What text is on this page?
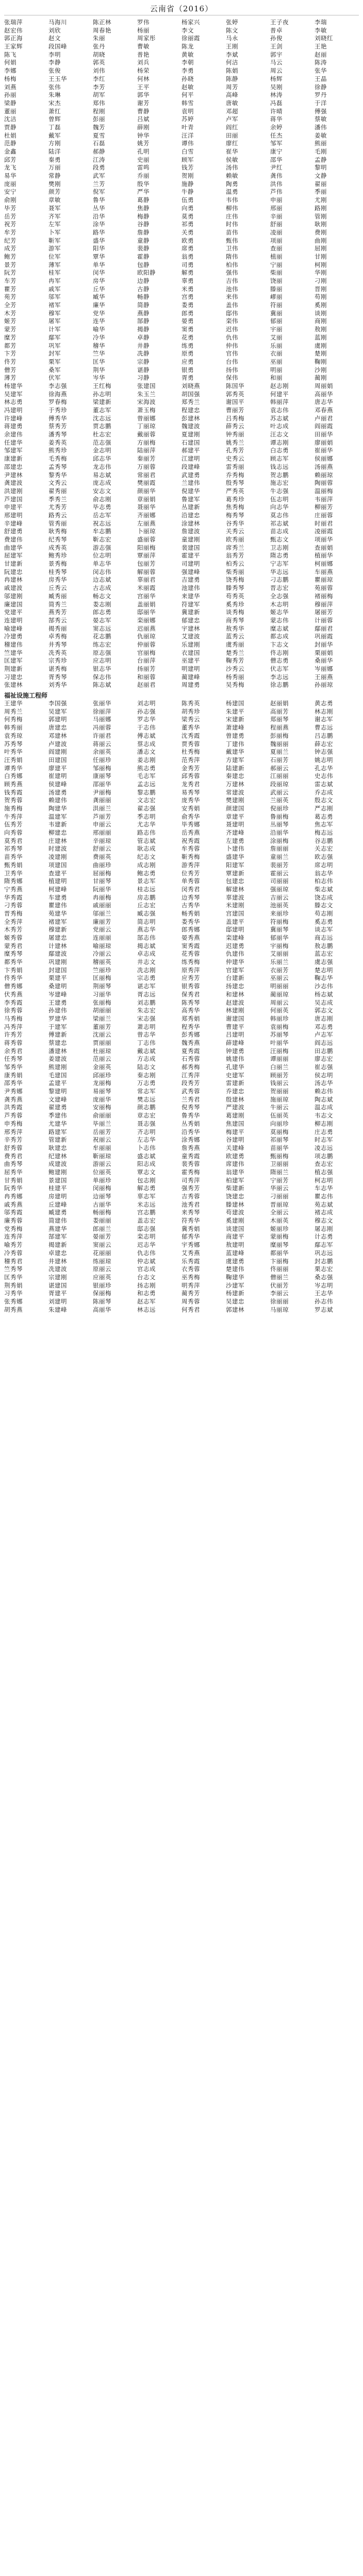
云南省（2016）
张瑞萍	马海川	陈正林	罗伟	杨家兴	张婷	王子夜	李瑞
赵宏伟	刘欣	周春艳	杨丽	李文	陈文	普卓	李敏
郭正海	赵文	朱丽	周家彤	徐丽霞	马永	孙俊	刘晓红
王家辉	段国峰	张丹	曹敏	陈龙	王刚	王剑	王艳
陈飞	李明	胡晓	普艳	黄敏	李斌	郭宇	赵丽
何娟	李静	郭英	刘兵	李朝	何洁	马云	陈涛
李娜	张俊	刘伟	杨荣	李勇	陈娟	周云	张华
杨梅	王玉华	李红	何林	孙晓	陈静	杨辉	王晶
刘燕	张伟	李芳	王平	赵敏	周芳	吴刚	徐静
孙丽	朱琳	胡军	郭华	何平	高峰	林涛	罗丹
梁静	宋杰	郑伟	谢芳	韩雪	唐敏	冯磊	于洋
董丽	萧红	程刚	曹静	袁明	邓超	许晴	傅强
沈洁	曾辉	彭丽	吕斌	苏婷	卢军	蒋华	蔡敏
贾静	丁磊	魏芳	薛刚	叶青	阎红	余婷	潘伟
杜娟	戴军	夏雪	钟华	汪洋	田丽	任杰	姜敏
范静	方刚	石磊	姚芳	谭伟	廖红	邹军	熊丽
金鑫	陆洋	郝静	孔明	白雪	崔华	康宁	毛刚
邱芳	秦勇	江涛	史丽	顾军	侯敏	邵华	孟静
龙飞	万丽	段勇	雷鸣	钱芳	汤伟	尹红	黎明
易华	常静	武军	乔丽	贺刚	赖敏	龚伟	文静
庞丽	樊刚	兰芳	殷华	施静	陶勇	洪伟	翟丽
安宁	颜芳	倪军	严华	牛静	温勇	芦伟	季丽
俞刚	章敏	鲁华	葛静	伍勇	韦伟	申丽	尤刚
毕芳	聂军	丛华	焦静	向勇	柳伟	邢丽	路刚
岳芳	齐军	沿华	梅静	莫勇	庄伟	辛丽	管刚
祝芳	左军	涂华	谷静	祁勇	时伟	舒丽	耿刚
牟芳	卜军	路华	詹静	关勇	苗伟	凌丽	费刚
纪芳	靳军	盛华	童静	欧勇	甄伟	项丽	曲刚
成芳	游军	阳华	裴静	席勇	卫伟	查丽	屈刚
鲍芳	位军	覃华	霍静	翁勇	隋伟	植丽	甘刚
景芳	薄军	单华	包静	司勇	柏伟	宁丽	柯刚
阮芳	桂军	闵华	欧阳静	解勇	强伟	柴丽	华刚
车芳	冉军	房华	边静	辜勇	吉伟	饶丽	刁刚
瞿芳	戚军	丘华	古静	米勇	池伟	滕丽	晋刚
苑芳	邬军	臧华	畅静	宫勇	来伟	嵺丽	苟刚
全芳	褚军	廉华	简静	娄勇	盖伟	符丽	奚刚
木芳	穆军	党华	燕静	郎勇	邸伟	冀丽	谈刚
姬芳	屠军	连华	郜静	晏勇	栾伟	郁丽	商刚
蒙芳	计军	喻华	揭静	窦勇	迟伟	宇丽	敖刚
糜芳	鄢军	冷华	卓静	花勇	仇伟	艾丽	蓝刚
都芳	巩军	稽华	井静	练勇	仲伟	乐丽	虞刚
卞芳	封军	竺华	冼静	原勇	官伟	衣丽	楚刚
佟芳	栗军	匡华	宗静	应勇	台伟	巫丽	鞠刚
僧芳	桑军	荆华	谌静	银勇	扬伟	明丽	沙刚
薄芳	伏军	岑华	习静	胥勇	保伟	和丽	蔺刚
杨建华	李志强	王红梅	张建国	刘晓燕	陈国华	赵志刚	周丽娟
吴建军	徐海燕	孙志明	朱玉兰	胡国强	郭秀英	何建平	高丽华
林志勇	罗春梅	梁建新	宋海波	郑秀兰	谢国平	韩丽萍	唐志华
冯建明	于秀珍	董志军	萧玉梅	程建忠	曹丽芳	袁志伟	邓春燕
许建峰	傅秀华	沈志远	曾丽娜	彭建林	吕秀梅	苏志斌	卢丽君
蒋建勇	蔡秀芳	贾志鹏	丁丽琼	魏建波	薛秀云	叶志成	阎丽霞
余建伟	潘秀琴	杜志宏	戴丽蓉	夏建刚	钟秀丽	汪志文	田丽华
任建华	姜秀英	范志强	方丽梅	石建国	姚秀兰	谭志刚	廖丽娟
邹建军	熊秀珍	金志明	陆丽萍	郝建平	孔秀芳	白志勇	崔丽华
康建新	毛秀梅	邱志华	秦丽芳	江建明	史秀云	顾志军	侯丽娜
邵建忠	孟秀琴	龙志伟	万丽蓉	段建峰	雷秀丽	钱志远	汤丽燕
尹建林	黎秀华	易志斌	常丽君	武建勇	乔秀梅	贺志鹏	赖丽琼
龚建波	文秀云	庞志成	樊丽霞	兰建伟	殷秀琴	施志宏	陶丽蓉
洪建刚	翟秀丽	安志文	颜丽华	倪建华	严秀英	牛志强	温丽梅
芦建国	季秀兰	俞志刚	章丽娟	鲁建军	葛秀珍	伍志明	韦丽萍
申建平	尤秀芳	毕志勇	聂丽华	丛建新	焦秀梅	向志华	柳丽芳
邢建明	路秀云	岳志军	齐丽娜	沿建忠	梅秀琴	莫志伟	庄丽蓉
辛建峰	管秀丽	祝志远	左丽燕	涂建林	谷秀华	祁志斌	时丽君
舒建勇	耿秀梅	牟志鹏	卜丽琼	詹建波	关秀云	苗志成	凌丽霞
费建伟	纪秀琴	靳志宏	盛丽蓉	童建刚	欧秀丽	甄志文	项丽华
曲建华	成秀英	游志强	阳丽梅	裴建国	席秀兰	卫志刚	查丽娟
屈建军	鲍秀珍	位志明	覃丽萍	霍建平	翁秀芳	隋志勇	植丽华
甘建新	景秀梅	单志华	包丽芳	司建明	柏秀云	宁志军	柯丽娜
阮建忠	桂秀琴	闵志伟	解丽蓉	强建峰	柴秀丽	华志远	车丽燕
冉建林	房秀华	边志斌	辜丽君	吉建勇	饶秀梅	刁志鹏	瞿丽琼
戚建波	丘秀云	古志成	米丽霞	池建伟	滕秀琴	晋志宏	苑丽蓉
邬建刚	臧秀丽	畅志文	宫丽华	来建华	苟秀英	全志强	褚丽梅
廉建国	简秀兰	娄志刚	盖丽娟	符建军	奚秀珍	木志明	穆丽萍
党建平	燕秀芳	郎志勇	邸丽华	冀建新	谈秀梅	姬志华	屠丽芳
连建明	郜秀云	晏志军	栾丽娜	郁建忠	商秀琴	蒙志伟	计丽蓉
喻建峰	揭秀丽	窦志远	迟丽燕	宇建林	敖秀华	糜志斌	鄢丽君
冷建勇	卓秀梅	花志鹏	仇丽琼	艾建波	蓝秀云	都志成	巩丽霞
稽建伟	井秀琴	练志宏	仲丽蓉	乐建刚	虞秀丽	卞志文	封丽华
竺建华	冼秀英	原志强	官丽梅	衣建国	楚秀兰	佟志刚	栗丽娟
匡建军	宗秀珍	应志明	台丽萍	巫建平	鞠秀芳	僧志勇	桑丽华
荆建新	谌秀梅	银志华	扬丽芳	明建明	沙秀云	伏志军	岑丽娜
习建忠	胥秀琴	保志伟	和丽蓉	蔺建峰	杨秀丽	李志远	王丽燕
张建林	刘秀华	陈志斌	赵丽君	周建勇	吴秀梅	徐志鹏	孙丽琼
福祉设施工程师
王建华	李国强	张丽华	刘志明	陈秀英	杨建国	赵丽娟	黄志勇
周秀兰	吴建军	徐丽萍	孙志强	胡秀珍	朱建平	高丽芳	林志刚
何秀梅	郭建明	马丽娜	罗志华	梁秀云	宋建新	郑丽琴	谢志军
韩秀丽	唐建忠	冯丽蓉	于志伟	董秀华	萧建峰	程丽燕	曹志远
袁秀琼	邓建林	许丽君	傅志斌	沈秀霞	曾建勇	彭丽梅	吕志鹏
苏秀琴	卢建波	蒋丽云	蔡志成	贾秀蓉	丁建伟	魏丽丽	薛志宏
叶秀华	阎建刚	余丽英	潘志文	杜秀梅	戴建华	夏丽兰	钟志强
汪秀娟	田建国	任丽珍	姜志刚	范秀萍	方建军	石丽芳	姚志明
谭秀华	廖建平	邹丽梅	熊志勇	金秀芳	陆建新	郝丽云	孔志华
白秀娜	崔建明	康丽琴	毛志军	邱秀蓉	秦建忠	江丽丽	史志伟
顾秀燕	侯建峰	邵丽华	孟志远	龙秀君	万建林	段丽琼	雷志斌
钱秀霞	汤建勇	尹丽梅	黎志鹏	易秀琴	常建波	武丽云	乔志成
贺秀蓉	赖建伟	龚丽丽	文志宏	庞秀华	樊建刚	兰丽英	殷志文
施秀梅	陶建华	洪丽兰	翟志强	安秀娟	颜建国	倪丽珍	严志刚
牛秀萍	温建军	芦丽芳	季志明	俞秀华	章建平	鲁丽梅	葛志勇
伍秀芳	韦建新	申丽云	尤志华	毕秀娜	聂建明	丛丽琴	焦志军
向秀蓉	柳建忠	邢丽丽	路志伟	岳秀燕	齐建峰	沿丽华	梅志远
莫秀君	庄建林	辛丽琼	管志斌	祝秀霞	左建勇	涂丽梅	谷志鹏
祁秀琴	时建波	舒丽云	耿志成	牟秀蓉	卜建伟	詹丽丽	关志宏
苗秀华	凌建刚	费丽英	纪志文	靳秀梅	盛建华	童丽兰	欧志强
甄秀娟	项建国	曲丽珍	成志刚	游秀萍	阳建军	裴丽芳	席志明
卫秀华	查建平	屈丽梅	鲍志勇	位秀芳	覃建新	霍丽云	翁志华
隋秀娜	植建明	甘丽琴	景志军	单秀蓉	包建忠	司丽丽	柏志伟
宁秀燕	柯建峰	阮丽华	桂志远	闵秀君	解建林	强丽琼	柴志斌
华秀霞	车建勇	冉丽梅	房志鹏	边秀琴	辜建波	吉丽云	饶志成
刁秀蓉	瞿建伟	戚丽丽	丘志宏	古秀华	米建刚	池丽英	滕志文
晋秀梅	苑建华	邬丽兰	臧志强	畅秀娟	宫建国	来丽珍	苟志刚
全秀萍	褚建军	廉丽芳	简志明	娄秀华	盖建平	符丽梅	奚志勇
木秀芳	穆建新	党丽云	燕志华	郎秀娜	邸建明	冀丽琴	谈志军
姬秀蓉	屠建忠	连丽丽	郜志伟	晏秀燕	栾建峰	郁丽华	商志远
蒙秀君	计建林	喻丽琼	揭志斌	窦秀霞	迟建勇	宇丽梅	敖志鹏
糜秀琴	鄢建波	冷丽云	卓志成	花秀蓉	仇建伟	艾丽丽	蓝志宏
都秀华	巩建刚	稽丽英	井志文	练秀梅	仲建华	乐丽兰	虞志强
卞秀娟	封建国	竺丽珍	冼志刚	原秀萍	官建军	衣丽芳	楚志明
佟秀华	栗建平	匡丽梅	宗志勇	应秀芳	台建新	巫丽云	鞠志华
僧秀娜	桑建明	荆丽琴	谌志军	银秀蓉	扬建忠	明丽丽	沙志伟
伏秀燕	岑建峰	习丽华	胥志远	保秀君	和建林	蔺丽琼	杨志斌
李秀霞	王建勇	张丽梅	刘志鹏	陈秀琴	赵建波	周丽云	吴志成
徐秀蓉	孙建伟	胡丽丽	朱志宏	高秀华	林建刚	何丽英	郭志文
马秀梅	罗建华	梁丽兰	宋志强	郑秀娟	谢建国	韩丽珍	唐志刚
冯秀萍	于建军	董丽芳	萧志明	程秀华	曹建平	袁丽梅	邓志勇
许秀芳	傅建新	沈丽云	曾志华	彭秀娜	吕建明	苏丽琴	卢志军
蒋秀蓉	蔡建忠	贾丽丽	丁志伟	魏秀燕	薛建峰	叶丽华	阎志远
余秀君	潘建林	杜丽琼	戴志斌	夏秀霞	钟建勇	汪丽梅	田志鹏
任秀琴	姜建波	范丽云	方志成	石秀蓉	姚建伟	谭丽丽	廖志宏
邹秀华	熊建刚	金丽英	陆志文	郝秀梅	孔建华	白丽兰	崔志强
康秀娟	毛建国	邱丽珍	秦志刚	江秀萍	史建军	顾丽芳	侯志明
邵秀华	孟建平	龙丽梅	万志勇	段秀芳	雷建新	钱丽云	汤志华
尹秀娜	黎建明	易丽琴	常志军	武秀蓉	乔建忠	贺丽丽	赖志伟
龚秀燕	文建峰	庞丽华	樊志远	兰秀君	殷建林	施丽琼	陶志斌
洪秀霞	翟建勇	安丽梅	颜志鹏	倪秀琴	严建波	牛丽云	温志成
芦秀蓉	季建伟	俞丽丽	章志宏	鲁秀华	葛建刚	伍丽英	韦志文
申秀梅	尤建华	毕丽兰	聂志强	丛秀娟	焦建国	向丽珍	柳志刚
邢秀萍	路建军	岳丽芳	齐志明	沿秀华	梅建平	莫丽梅	庄志勇
辛秀芳	管建新	祝丽云	左志华	涂秀娜	谷建明	祁丽琴	时志军
舒秀蓉	耿建忠	牟丽丽	卜志伟	詹秀燕	关建峰	苗丽华	凌志远
费秀君	纪建林	靳丽琼	盛志斌	童秀霞	欧建勇	甄丽梅	项志鹏
曲秀琴	成建波	游丽云	阳志成	裴秀蓉	席建伟	卫丽丽	查志宏
屈秀华	鲍建刚	位丽英	覃志文	霍秀梅	翁建华	隋丽兰	植志强
甘秀娟	景建国	单丽珍	包志刚	司秀萍	柏建军	宁丽芳	柯志明
阮秀华	桂建平	闵丽梅	解志勇	强秀芳	柴建新	华丽云	车志华
冉秀娜	房建明	边丽琴	辜志军	吉秀蓉	饶建忠	刁丽丽	瞿志伟
戚秀燕	丘建峰	古丽华	米志远	池秀君	滕建林	晋丽琼	苑志斌
邬秀霞	臧建勇	畅丽梅	宫志鹏	来秀琴	苟建波	全丽云	褚志成
廉秀蓉	简建伟	娄丽丽	盖志宏	符秀华	奚建刚	木丽英	穆志文
党秀梅	燕建华	郎丽兰	邸志强	冀秀娟	谈建国	姬丽珍	屠志刚
连秀萍	郜建军	晏丽芳	栾志明	郁秀华	商建平	蒙丽梅	计志勇
喻秀芳	揭建新	窦丽云	迟志华	宇秀娜	敖建明	糜丽琴	鄢志军
冷秀蓉	卓建忠	花丽丽	仇志伟	艾秀燕	蓝建峰	都丽华	巩志远
稽秀君	井建林	练丽琼	仲志斌	乐秀霞	虞建勇	卞丽梅	封志鹏
竺秀琴	冼建波	原丽云	官志成	衣秀蓉	楚建伟	佟丽丽	栗志宏
匡秀华	宗建刚	应丽英	台志文	巫秀梅	鞠建华	僧丽兰	桑志强
荆秀娟	谌建国	银丽珍	扬志刚	明秀萍	沙建军	伏丽芳	岑志明
习秀华	胥建平	保丽梅	和志勇	蔺秀芳	杨建新	李丽云	王志华
张秀娜	刘建明	陈丽琴	赵志军	周秀蓉	吴建忠	徐丽丽	孙志伟
胡秀燕	朱建峰	高丽华	林志远	何秀君	郭建林	马丽琼	罗志斌
